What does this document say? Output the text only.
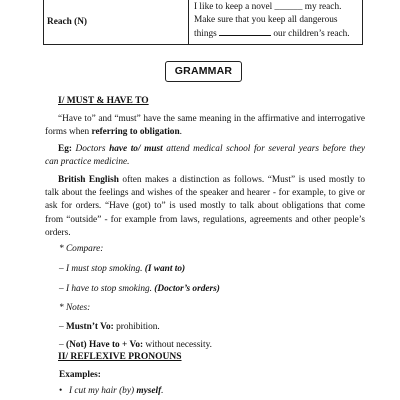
Reach (N)	
I like to keep a novel ______ my reach.
Make sure that you keep all dangerous
things	our children’s reach.
GRAMMAR
I/ MUST & HAVE TO

“Have to” and “must” have the same meaning in the affirmative and interrogative forms when referring to obligation.

Eg: Doctors have to/ must attend medical school for several years before they can practice medicine.

British English often makes a distinction as follows. “Must” is used mostly to talk about the feelings and wishes of the speaker and hearer - for example, to give or ask for orders. “Have (got) to” is used mostly to talk about obligations that come from “outside” - for example from laws, regulations, agreements and other people’s orders.

* Compare:
– I must stop smoking. (I want to)
– I have to stop smoking. (Doctor’s orders)
* Notes:
– Mustn’t Vo: prohibition.
– (Not) Have to + Vo: without necessity.
II/ REFLEXIVE PRONOUNS
Examples:
• I cut my hair (by) myself.
